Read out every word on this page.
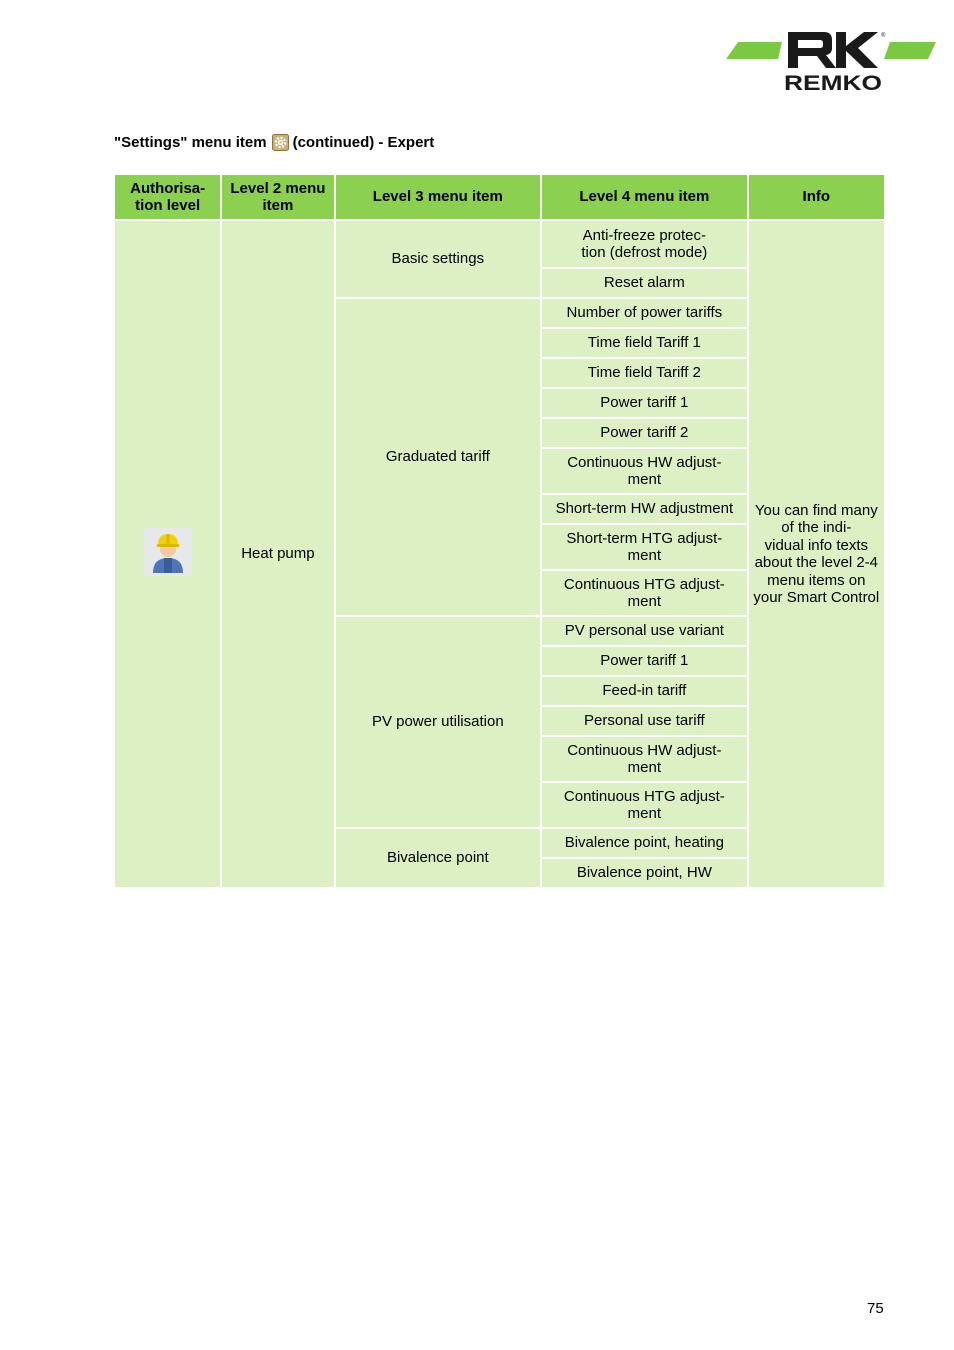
REMKO
®
"Settings" menu item (continued) - Expert
Authorisa-
tion level	Level 2 menu item	Level 3 menu item	Level 4 menu item	Info
	Heat pump	Basic settings	Anti-freeze protec-
tion (defrost mode)	You can find many of the indi-
vidual info texts about the level 2-4 menu items on your Smart Control
			Reset alarm	
		Graduated tariff	Number of power tariffs	
			Time field Tariff 1	
			Time field Tariff 2	
			Power tariff 1	
			Power tariff 2	
			Continuous HW adjust-
ment	
			Short-term HW adjustment	
			Short-term HTG adjust-
ment	
			Continuous HTG adjust-
ment	
		PV power utilisation	PV personal use variant	
			Power tariff 1	
			Feed-in tariff	
			Personal use tariff	
			Continuous HW adjust-
ment	
			Continuous HTG adjust-
ment	
		Bivalence point	Bivalence point, heating	
			Bivalence point, HW	
75
